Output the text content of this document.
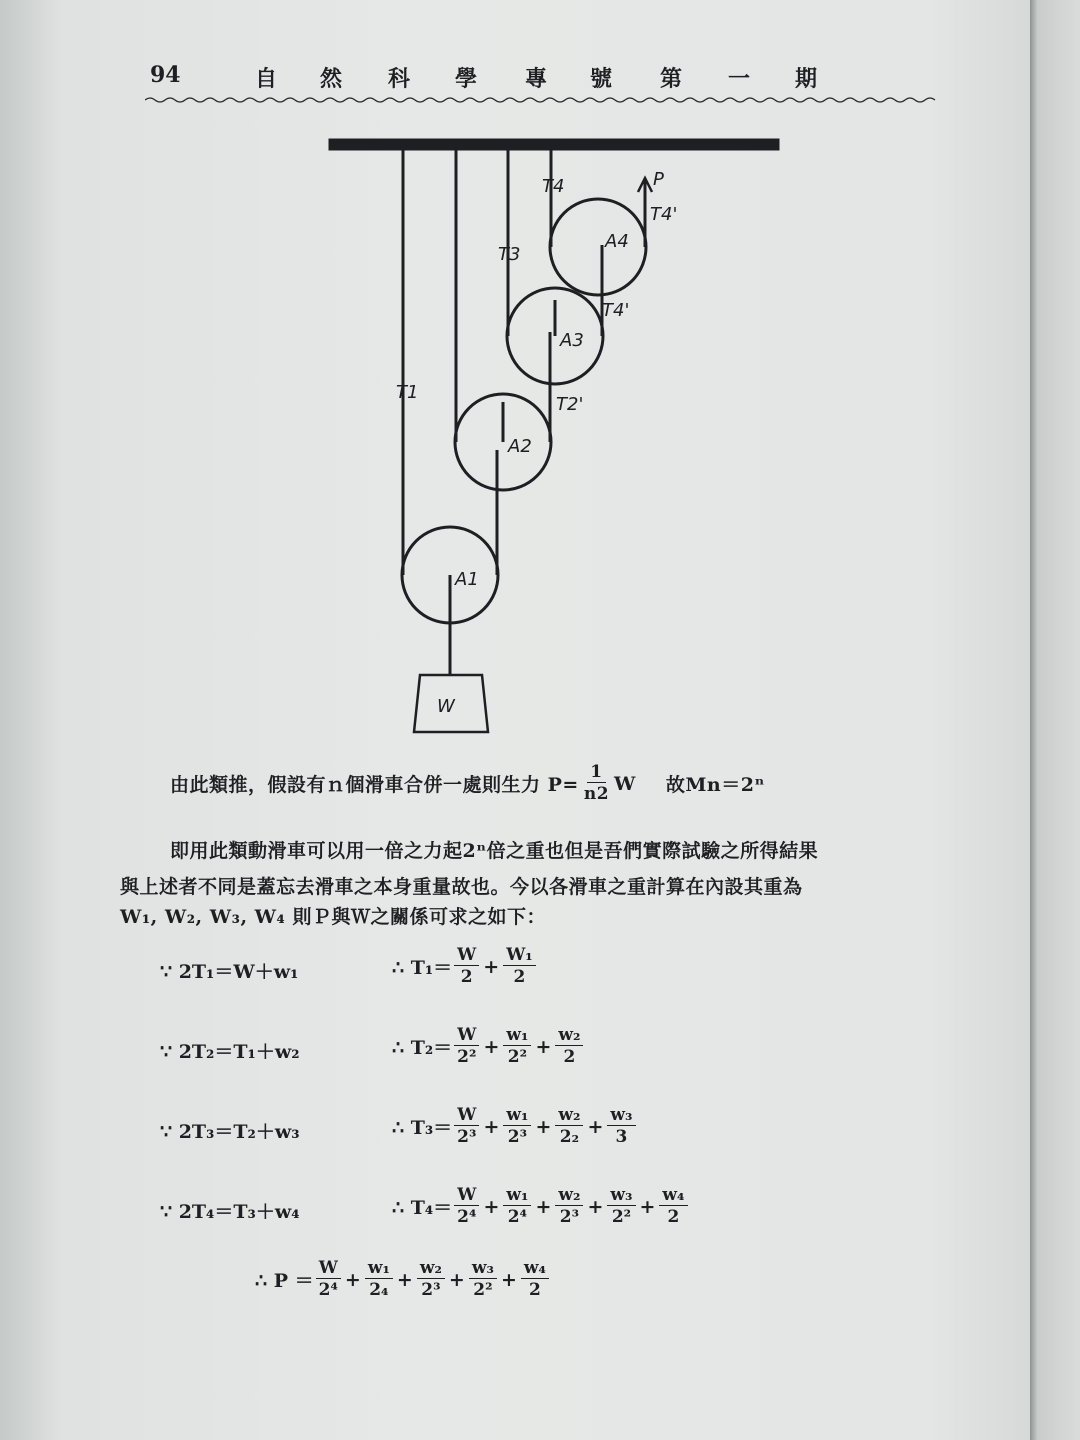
94	自 然 科 學 專 號 第 一 期
W
P
A1
A2
A3
A4
T1
T2'
T3
T4
T4'
T4'
由此類推，假設有ｎ個滑車合併一處則生力 $P= \frac{1}{n2}$ W 故Mn＝2ⁿ
即用此類動滑車可以用一倍之力起2ⁿ倍之重也但是吾們實際試驗之所得結果
與上述者不同是蓋忘去滑車之本身重量故也。今以各滑車之重計算在內設其重為
W₁, W₂, W₃, W₄ 則Ｐ與Ｗ之關係可求之如下：
∵ 2T₁＝W＋w₁	∴ $T_1= \frac{W}{2} + \frac{\text{W₁}}{2}$
∵ 2T₂＝T₁＋w₂	∴ $T_2= \frac{W}{\text{2²}} + \frac{\text{w₁}}{\text{2²}} + \frac{\text{w₂}}{2}$
∵ 2T₃＝T₂＋w₃	∴ $T_3= \frac{W}{\text{2³}} + \frac{\text{w₁}}{\text{2³}} + \frac{\text{w₂}}{\text{2₂}} + \frac{\text{w₃}}{3}$
∵ 2T₄＝T₃＋w₄	∴ $T_4= \frac{W}{\text{2⁴}} + \frac{\text{w₁}}{\text{2⁴}} + \frac{\text{w₂}}{\text{2³}} + \frac{\text{w₃}}{\text{2²}} + \frac{\text{w₄}}{2}$
∴ $P = \frac{W}{\text{2⁴}} + \frac{\text{w₁}}{\text{2₄}} + \frac{\text{w₂}}{\text{2³}} + \frac{\text{w₃}}{\text{2²}} + \frac{\text{w₄}}{2}$
